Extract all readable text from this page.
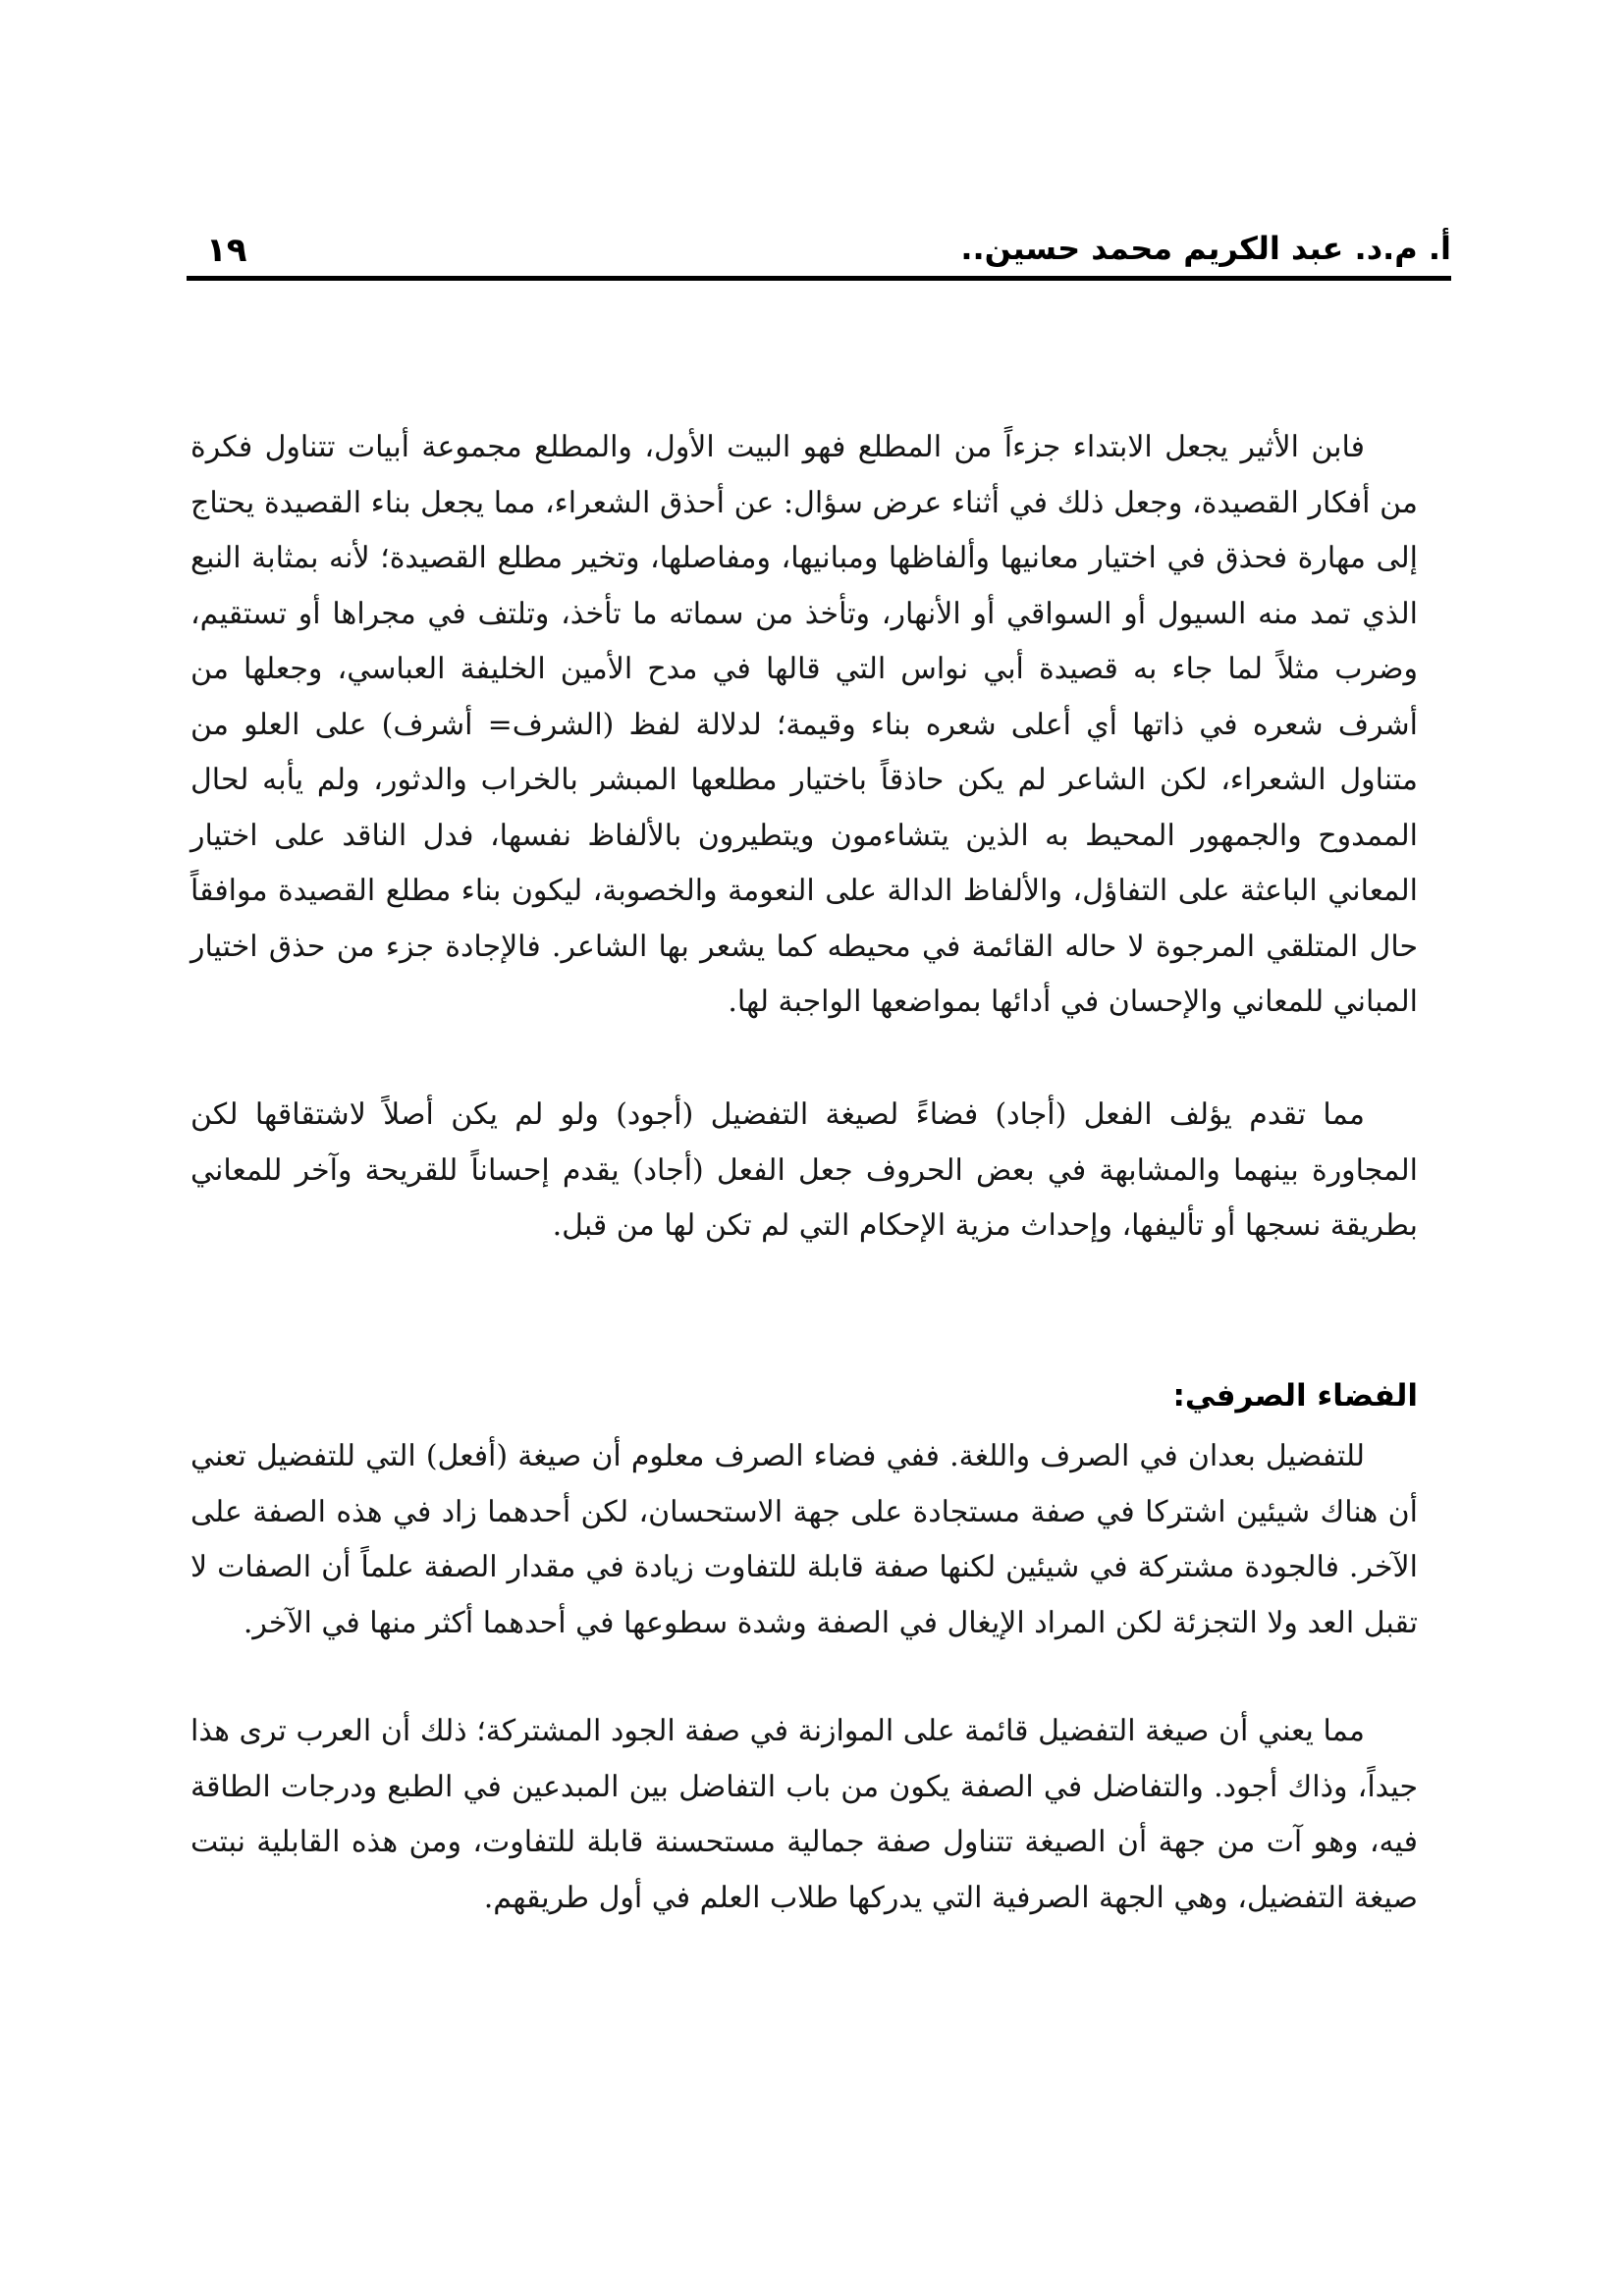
أ. م.د. عبد الكريم محمد حسين..
١٩

فابن الأثير يجعل الابتداء جزءاً من المطلع فهو البيت الأول، والمطلع مجموعة أبيات تتناول فكرة من أفكار القصيدة، وجعل ذلك في أثناء عرض سؤال: عن أحذق الشعراء، مما يجعل بناء القصيدة يحتاج إلى مهارة فحذق في اختيار معانيها وألفاظها ومبانيها، ومفاصلها، وتخير مطلع القصيدة؛ لأنه بمثابة النبع الذي تمد منه السيول أو السواقي أو الأنهار، وتأخذ من سماته ما تأخذ، وتلتف في مجراها أو تستقيم، وضرب مثلاً لما جاء به قصيدة أبي نواس التي قالها في مدح الأمين الخليفة العباسي، وجعلها من أشرف شعره في ذاتها أي أعلى شعره بناء وقيمة؛ لدلالة لفظ (الشرف= أشرف) على العلو من متناول الشعراء، لكن الشاعر لم يكن حاذقاً باختيار مطلعها المبشر بالخراب والدثور، ولم يأبه لحال الممدوح والجمهور المحيط به الذين يتشاءمون ويتطيرون بالألفاظ نفسها، فدل الناقد على اختيار المعاني الباعثة على التفاؤل، والألفاظ الدالة على النعومة والخصوبة، ليكون بناء مطلع القصيدة موافقاً حال المتلقي المرجوة لا حاله القائمة في محيطه كما يشعر بها الشاعر. فالإجادة جزء من حذق اختيار المباني للمعاني والإحسان في أدائها بمواضعها الواجبة لها.

مما تقدم يؤلف الفعل (أجاد) فضاءً لصيغة التفضيل (أجود) ولو لم يكن أصلاً لاشتقاقها لكن المجاورة بينهما والمشابهة في بعض الحروف جعل الفعل (أجاد) يقدم إحساناً للقريحة وآخر للمعاني بطريقة نسجها أو تأليفها، وإحداث مزية الإحكام التي لم تكن لها من قبل.

الفضاء الصرفي:

للتفضيل بعدان في الصرف واللغة. ففي فضاء الصرف معلوم أن صيغة (أفعل) التي للتفضيل تعني أن هناك شيئين اشتركا في صفة مستجادة على جهة الاستحسان، لكن أحدهما زاد في هذه الصفة على الآخر. فالجودة مشتركة في شيئين لكنها صفة قابلة للتفاوت زيادة في مقدار الصفة علماً أن الصفات لا تقبل العد ولا التجزئة لكن المراد الإيغال في الصفة وشدة سطوعها في أحدهما أكثر منها في الآخر.

مما يعني أن صيغة التفضيل قائمة على الموازنة في صفة الجود المشتركة؛ ذلك أن العرب ترى هذا جيداً، وذاك أجود. والتفاضل في الصفة يكون من باب التفاضل بين المبدعين في الطبع ودرجات الطاقة فيه، وهو آت من جهة أن الصيغة تتناول صفة جمالية مستحسنة قابلة للتفاوت، ومن هذه القابلية نبتت صيغة التفضيل، وهي الجهة الصرفية التي يدركها طلاب العلم في أول طريقهم.
